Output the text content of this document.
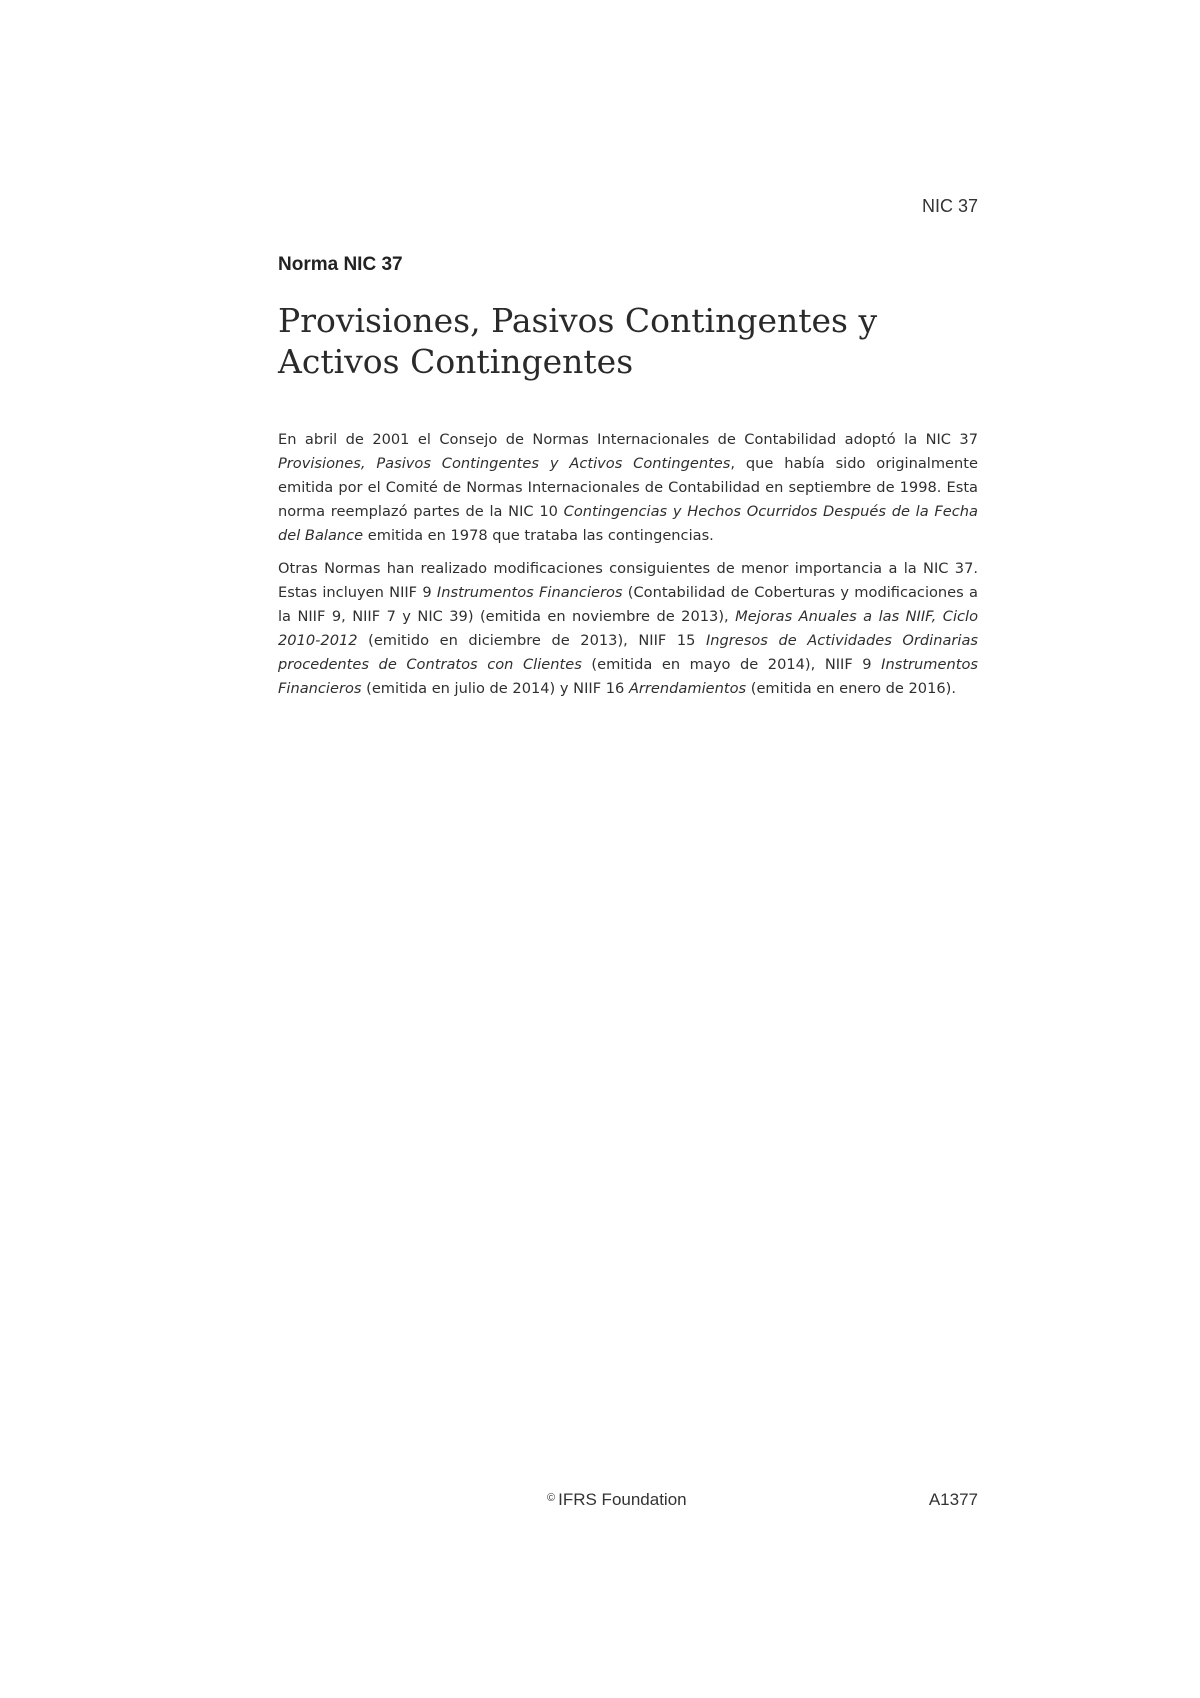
NIC 37
Norma NIC 37
Provisiones, Pasivos Contingentes y Activos Contingentes

En abril de 2001 el Consejo de Normas Internacionales de Contabilidad adoptó la NIC 37 Provisiones, Pasivos Contingentes y Activos Contingentes, que había sido originalmente emitida por el Comité de Normas Internacionales de Contabilidad en septiembre de 1998. Esta norma reemplazó partes de la NIC 10 Contingencias y Hechos Ocurridos Después de la Fecha del Balance emitida en 1978 que trataba las contingencias.

Otras Normas han realizado modificaciones consiguientes de menor importancia a la NIC 37. Estas incluyen NIIF 9 Instrumentos Financieros (Contabilidad de Coberturas y modificaciones a la NIIF 9, NIIF 7 y NIC 39) (emitida en noviembre de 2013), Mejoras Anuales a las NIIF, Ciclo 2010-2012 (emitido en diciembre de 2013), NIIF 15 Ingresos de Actividades Ordinarias procedentes de Contratos con Clientes (emitida en mayo de 2014), NIIF 9 Instrumentos Financieros (emitida en julio de 2014) y NIIF 16 Arrendamientos (emitida en enero de 2016).

© IFRS Foundation	A1377
